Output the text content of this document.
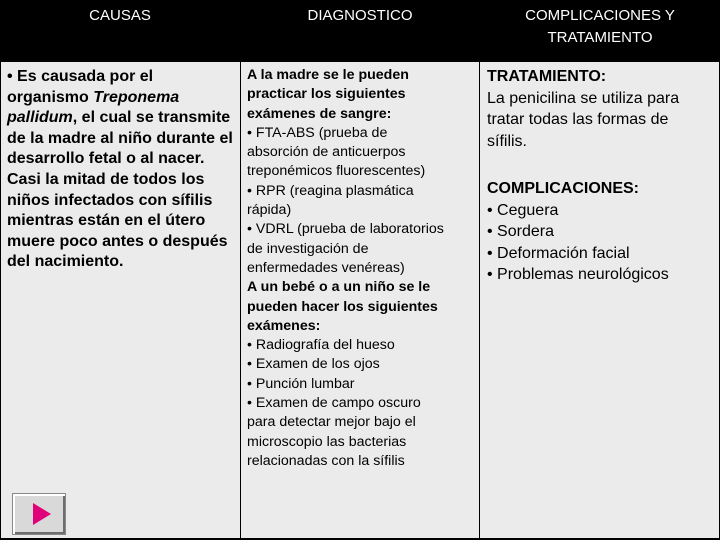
CAUSAS	DIAGNOSTICO	COMPLICACIONES Y
TRATAMIENTO

• Es causada por el organismo Treponema pallidum, el cual se transmite de la madre al niño durante el desarrollo fetal o al nacer. Casi la mitad de todos los niños infectados con sífilis mientras están en el útero muere poco antes o después del nacimiento.

A la madre se le pueden
practicar los siguientes
exámenes de sangre:
• FTA-ABS (prueba de
absorción de anticuerpos
treponémicos fluorescentes)
• RPR (reagina plasmática
rápida)
• VDRL (prueba de laboratorios
de investigación de
enfermedades venéreas)
A un bebé o a un niño se le
pueden hacer los siguientes
exámenes:
• Radiografía del hueso
• Examen de los ojos
• Punción lumbar
• Examen de campo oscuro
para detectar mejor bajo el
microscopio las bacterias
relacionadas con la sífilis
TRATAMIENTO:
La penicilina se utiliza para
tratar todas las formas de
sífilis.
COMPLICACIONES:
• Ceguera
• Sordera
• Deformación facial
• Problemas neurológicos
